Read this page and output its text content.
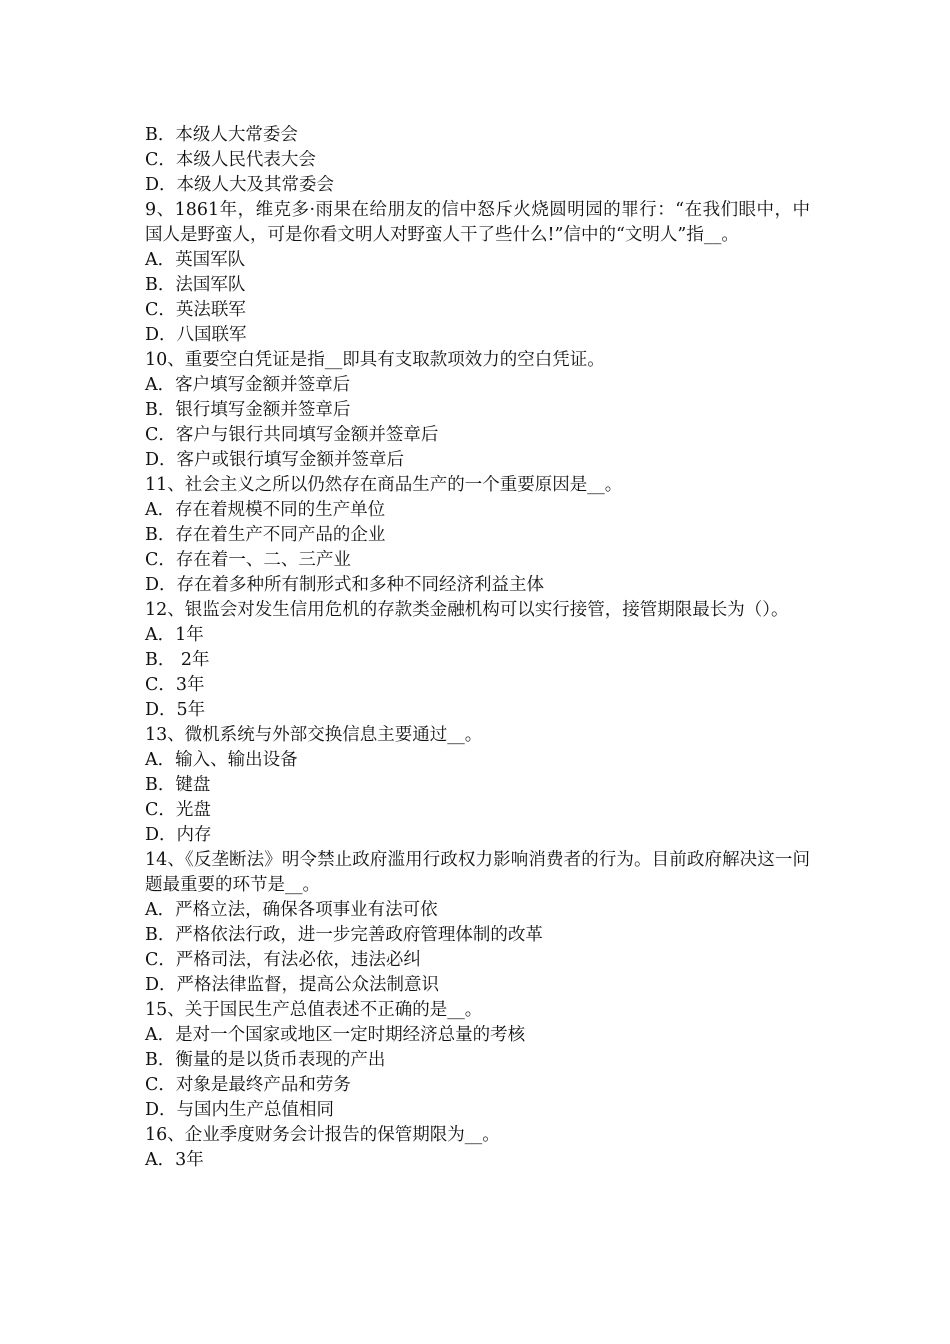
B．本级人大常委会

C．本级人民代表大会

D．本级人大及其常委会

9、1861年，维克多·雨果在给朋友的信中怒斥火烧圆明园的罪行：“在我们眼中，中国人是野蛮人，可是你看文明人对野蛮人干了些什么!”信中的“文明人”指__。

A．英国军队

B．法国军队

C．英法联军

D．八国联军

10、重要空白凭证是指__即具有支取款项效力的空白凭证。

A．客户填写金额并签章后

B．银行填写金额并签章后

C．客户与银行共同填写金额并签章后

D．客户或银行填写金额并签章后

11、社会主义之所以仍然存在商品生产的一个重要原因是__。

A．存在着规模不同的生产单位

B．存在着生产不同产品的企业

C．存在着一、二、三产业

D．存在着多种所有制形式和多种不同经济利益主体

12、银监会对发生信用危机的存款类金融机构可以实行接管，接管期限最长为（）。

A．1年

B． 2年

C．3年

D．5年

13、微机系统与外部交换信息主要通过__。

A．输入、输出设备

B．键盘

C．光盘

D．内存

14、《反垄断法》明令禁止政府滥用行政权力影响消费者的行为。目前政府解决这一问题最重要的环节是__。

A．严格立法，确保各项事业有法可依

B．严格依法行政，进一步完善政府管理体制的改革

C．严格司法，有法必依，违法必纠

D．严格法律监督，提高公众法制意识

15、关于国民生产总值表述不正确的是__。

A．是对一个国家或地区一定时期经济总量的考核

B．衡量的是以货币表现的产出

C．对象是最终产品和劳务

D．与国内生产总值相同

16、企业季度财务会计报告的保管期限为__。

A．3年
